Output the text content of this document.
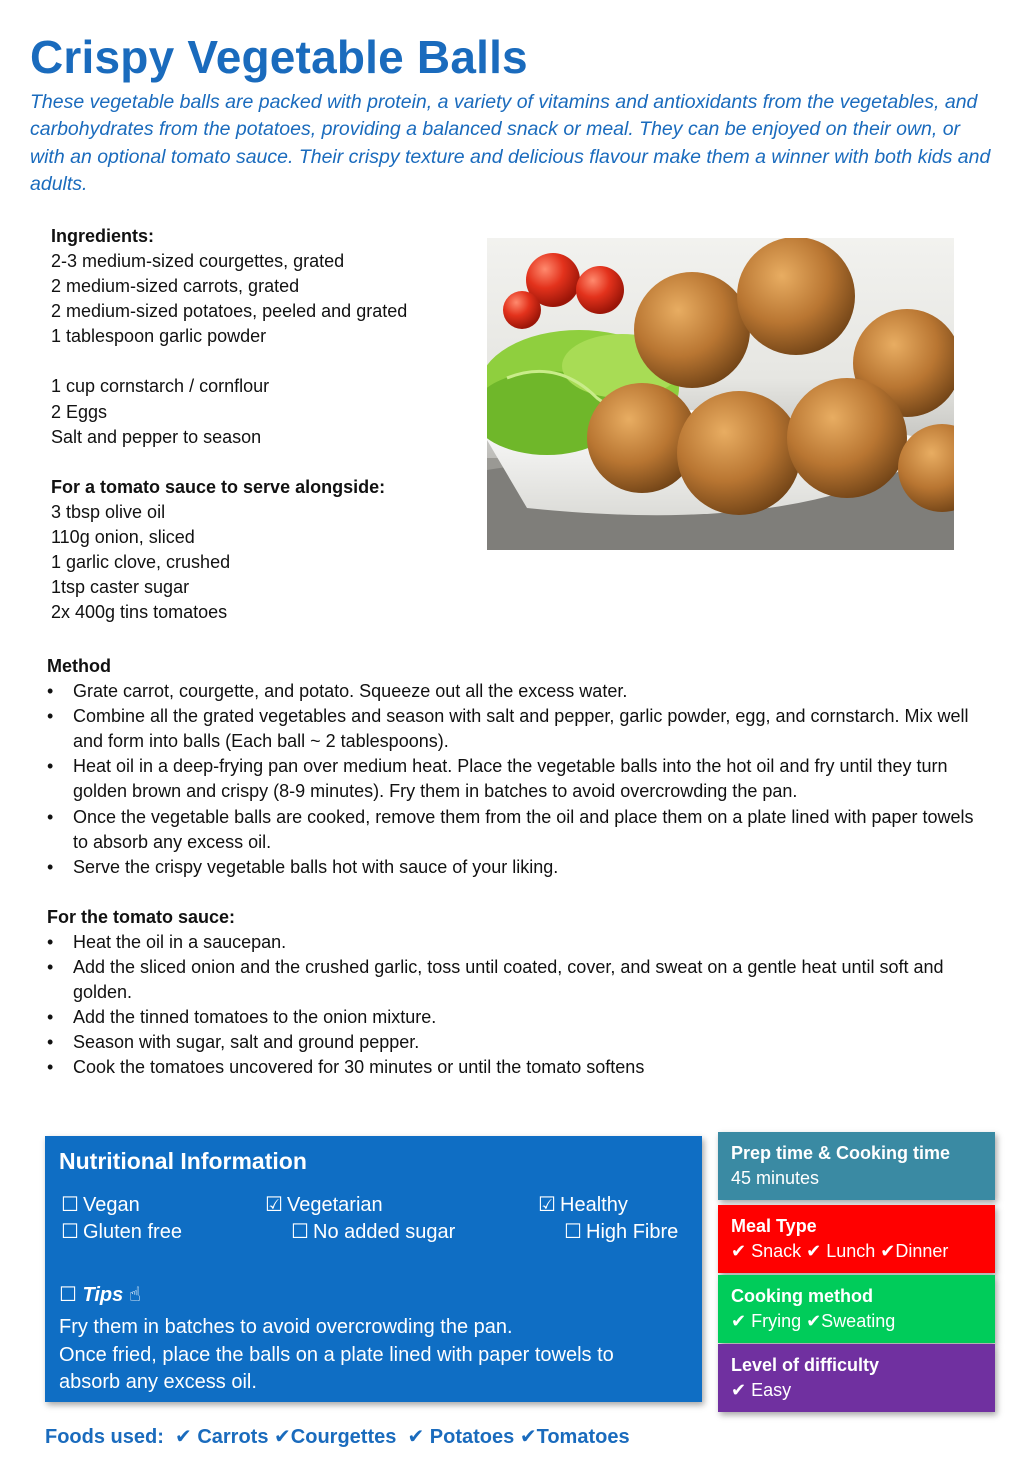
Crispy Vegetable Balls

These vegetable balls are packed with protein, a variety of vitamins and antioxidants from the vegetables, and carbohydrates from the potatoes, providing a balanced snack or meal. They can be enjoyed on their own, or with an optional tomato sauce. Their crispy texture and delicious flavour make them a winner with both kids and adults.

Ingredients:
2-3 medium-sized courgettes, grated
2 medium-sized carrots, grated
2 medium-sized potatoes, peeled and grated
1 tablespoon garlic powder
1 cup cornstarch / cornflour
2 Eggs
Salt and pepper to season
For a tomato sauce to serve alongside:
3 tbsp olive oil
110g onion, sliced
1 garlic clove, crushed
1tsp caster sugar
2x 400g tins tomatoes
Method
• Grate carrot, courgette, and potato. Squeeze out all the excess water.
• Combine all the grated vegetables and season with salt and pepper, garlic powder, egg, and cornstarch. Mix well and form into balls (Each ball ~ 2 tablespoons).
• Heat oil in a deep-frying pan over medium heat. Place the vegetable balls into the hot oil and fry until they turn golden brown and crispy (8-9 minutes). Fry them in batches to avoid overcrowding the pan.
• Once the vegetable balls are cooked, remove them from the oil and place them on a plate lined with paper towels to absorb any excess oil.
• Serve the crispy vegetable balls hot with sauce of your liking.
For the tomato sauce:
• Heat the oil in a saucepan.
• Add the sliced onion and the crushed garlic, toss until coated, cover, and sweat on a gentle heat until soft and golden.
• Add the tinned tomatoes to the onion mixture.
• Season with sugar, salt and ground pepper.
• Cook the tomatoes uncovered for 30 minutes or until the tomato softens
Nutritional Information
☐ Vegan	☑ Vegetarian	☑ Healthy
☐ Gluten free	☐ No added sugar	☐ High Fibre
☐ Tips ☝
Fry them in batches to avoid overcrowding the pan.
Once fried, place the balls on a plate lined with paper towels to absorb any excess oil.
Prep time & Cooking time
45 minutes
Meal Type
✔ Snack ✔ Lunch ✔Dinner
Cooking method
✔ Frying ✔Sweating
Level of difficulty
✔ Easy
Foods used: ✔ Carrots ✔Courgettes ✔ Potatoes ✔Tomatoes
